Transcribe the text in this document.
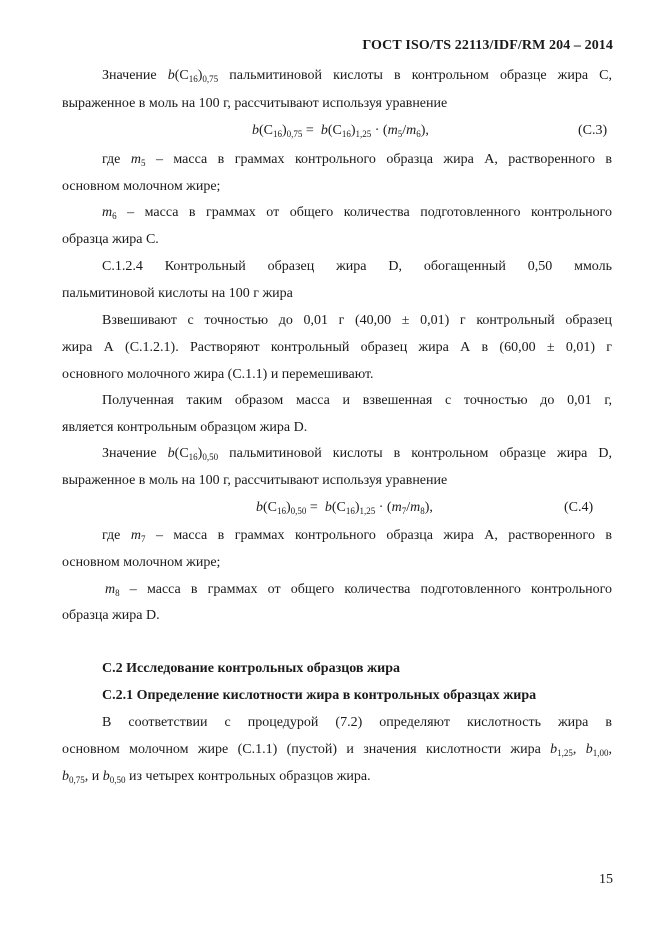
ГОСТ ISO/TS 22113/IDF/RM 204 – 2014
Значение $b(C_{16})_{0,75}$ пальмитиновой кислоты в контрольном образце жира С,
выраженное в моль на 100 г, рассчитывают используя уравнение
$b(C_{16})_{0,75} = b(C_{16})_{1,25} \cdot (m_5/m_6)$,	(С.3)
где $m_5$ – масса в граммах контрольного образца жира А, растворенного в
основном молочном жире;
$m_6$ – масса в граммах от общего количества подготовленного контрольного
образца жира С.
С.1.2.4 Контрольный образец жира D, обогащенный 0,50 ммоль
пальмитиновой кислоты на 100 г жира
Взвешивают с точностью до 0,01 г (40,00 ± 0,01) г контрольный образец
жира А (С.1.2.1). Растворяют контрольный образец жира А в (60,00 ± 0,01) г
основного молочного жира (С.1.1) и перемешивают.
Полученная таким образом масса и взвешенная с точностью до 0,01 г,
является контрольным образцом жира D.
Значение $b(C_{16})_{0,50}$ пальмитиновой кислоты в контрольном образце жира D,
выраженное в моль на 100 г, рассчитывают используя уравнение
$b(C_{16})_{0,50} = b(C_{16})_{1,25} \cdot (m_7/m_8)$,	(С.4)
где $m_7$ – масса в граммах контрольного образца жира А, растворенного в
основном молочном жире;
$m_8$ – масса в граммах от общего количества подготовленного контрольного
образца жира D.
С.2 Исследование контрольных образцов жира
С.2.1 Определение кислотности жира в контрольных образцах жира
В соответствии с процедурой (7.2) определяют кислотность жира в
основном молочном жире (С.1.1) (пустой) и значения кислотности жира $b_{1,25}$, $b_{1,00}$,
$b_{0,75}$, и $b_{0,50}$ из четырех контрольных образцов жира.
15
